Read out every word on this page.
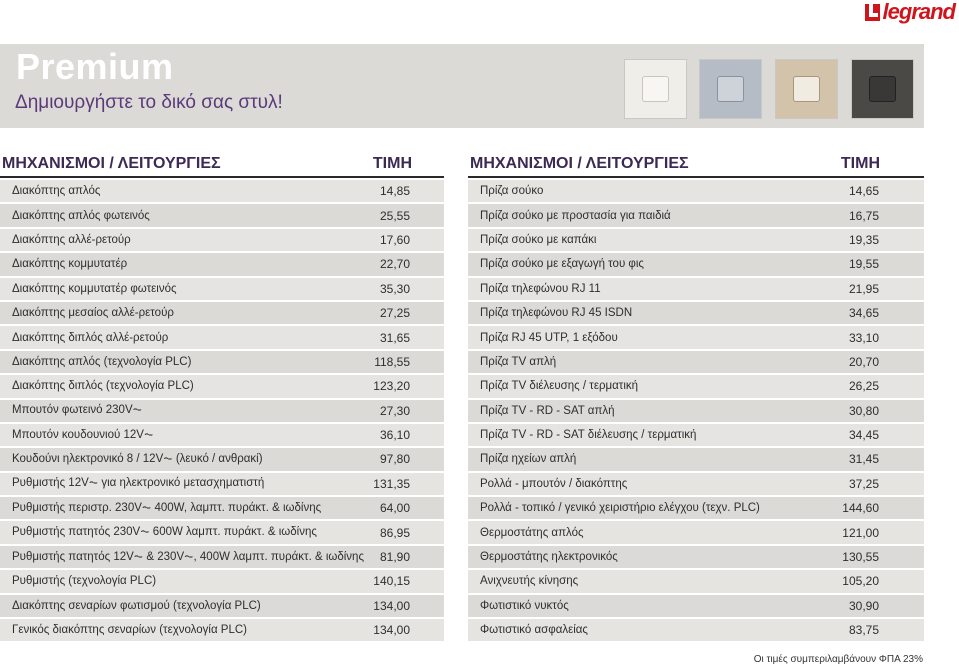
legrand
Premium
Δημιουργήστε το δικό σας στυλ!
ΜΗΧΑΝΙΣΜΟΙ / ΛΕΙΤΟΥΡΓΙΕΣ	ΤΙΜΗ
Διακόπτης απλός	14,85
Διακόπτης απλός φωτεινός	25,55
Διακόπτης αλλέ-ρετούρ	17,60
Διακόπτης κομμυτατέρ	22,70
Διακόπτης κομμυτατέρ φωτεινός	35,30
Διακόπτης μεσαίος αλλέ-ρετούρ	27,25
Διακόπτης διπλός αλλέ-ρετούρ	31,65
Διακόπτης απλός (τεχνολογία PLC)	118,55
Διακόπτης διπλός (τεχνολογία PLC)	123,20
Μπουτόν φωτεινό 230V⏦	27,30
Μπουτόν κουδουνιού 12V⏦	36,10
Κουδούνι ηλεκτρονικό 8 / 12V⏦ (λευκό / ανθρακί)	97,80
Ρυθμιστής 12V⏦ για ηλεκτρονικό μετασχηματιστή	131,35
Ρυθμιστής περιστρ. 230V⏦ 400W, λαμπτ. πυράκτ. & ιωδίνης	64,00
Ρυθμιστής πατητός 230V⏦ 600W λαμπτ. πυράκτ. & ιωδίνης	86,95
Ρυθμιστής πατητός 12V⏦ & 230V⏦, 400W λαμπτ. πυράκτ. & ιωδίνης 81,90
Ρυθμιστής (τεχνολογία PLC)	140,15
Διακόπτης σεναρίων φωτισμού (τεχνολογία PLC)	134,00
Γενικός διακόπτης σεναρίων (τεχνολογία PLC)	134,00
ΜΗΧΑΝΙΣΜΟΙ / ΛΕΙΤΟΥΡΓΙΕΣ	ΤΙΜΗ
Πρίζα σούκο	14,65
Πρίζα σούκο με προστασία για παιδιά	16,75
Πρίζα σούκο με καπάκι	19,35
Πρίζα σούκο με εξαγωγή του φις	19,55
Πρίζα τηλεφώνου RJ 11	21,95
Πρίζα τηλεφώνου RJ 45 ISDN	34,65
Πρίζα RJ 45 UTP, 1 εξόδου	33,10
Πρίζα TV απλή	20,70
Πρίζα TV διέλευσης / τερματική	26,25
Πρίζα TV - RD - SAT απλή	30,80
Πρίζα TV - RD - SAT διέλευσης / τερματική	34,45
Πρίζα ηχείων απλή	31,45
Ρολλά - μπουτόν / διακόπτης	37,25
Ρολλά - τοπικό / γενικό χειριστήριο ελέγχου (τεχν. PLC)	144,60
Θερμοστάτης απλός	121,00
Θερμοστάτης ηλεκτρονικός	130,55
Ανιχνευτής κίνησης	105,20
Φωτιστικό νυκτός	30,90
Φωτιστικό ασφαλείας	83,75
Οι τιμές συμπεριλαμβάνουν ΦΠΑ 23%
